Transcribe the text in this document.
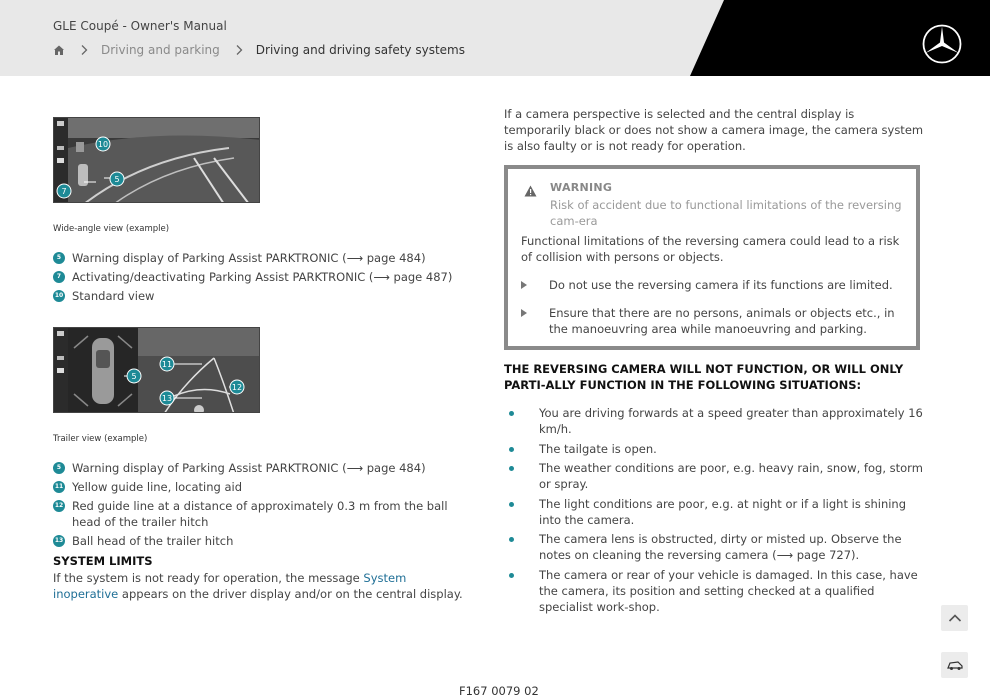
GLE Coupé - Owner's Manual
Driving and parking	Driving and driving safety systems
10
5
7
Wide-angle view (example)
5 Warning display of Parking Assist PARKTRONIC (⟶ page 484)
7 Activating/deactivating Parking Assist PARKTRONIC (⟶ page 487)
10 Standard view
5
11
12
13
Trailer view (example)
5 Warning display of Parking Assist PARKTRONIC (⟶ page 484)
11 Yellow guide line, locating aid
12 Red guide line at a distance of approximately 0.3 m from the ball head of the trailer hitch
13 Ball head of the trailer hitch
SYSTEM LIMITS
If the system is not ready for operation, the message System inoperative appears on the driver display and/or on the central display.
If a camera perspective is selected and the central display is temporarily black or does not show a camera image, the camera system is also faulty or is not ready for operation.
WARNING
Risk of accident due to functional limitations of the reversing cam-era
Functional limitations of the reversing camera could lead to a risk of collision with persons or objects.
Do not use the reversing camera if its functions are limited.
Ensure that there are no persons, animals or objects etc., in the manoeuvring area while manoeuvring and parking.
THE REVERSING CAMERA WILL NOT FUNCTION, OR WILL ONLY PARTI-ALLY FUNCTION IN THE FOLLOWING SITUATIONS:
You are driving forwards at a speed greater than approximately 16 km/h.
The tailgate is open.
The weather conditions are poor, e.g. heavy rain, snow, fog, storm or spray.
The light conditions are poor, e.g. at night or if a light is shining into the camera.
The camera lens is obstructed, dirty or misted up. Observe the notes on cleaning the reversing camera (⟶ page 727).
The camera or rear of your vehicle is damaged. In this case, have the camera, its position and setting checked at a qualified specialist work-shop.
F167 0079 02
